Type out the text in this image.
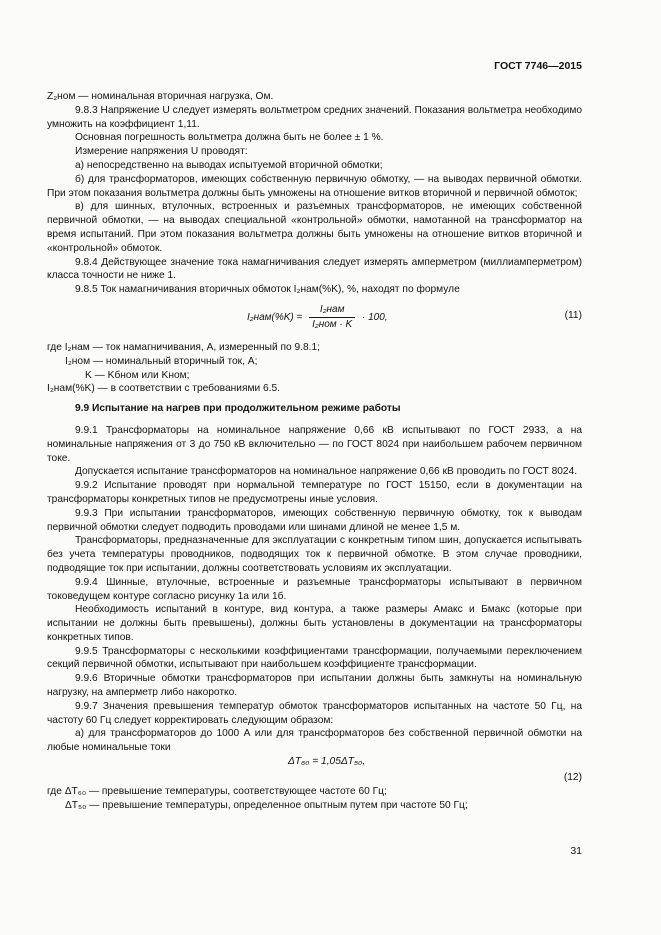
ГОСТ 7746—2015

Z₂ном — номинальная вторичная нагрузка, Ом.

9.8.3 Напряжение U следует измерять вольтметром средних значений. Показания вольтметра необходимо умножить на коэффициент 1,11.

Основная погрешность вольтметра должна быть не более ± 1 %.

Измерение напряжения U проводят:

а) непосредственно на выводах испытуемой вторичной обмотки;

б) для трансформаторов, имеющих собственную первичную обмотку, — на выводах первичной обмотки. При этом показания вольтметра должны быть умножены на отношение витков вторичной и первичной обмоток;

в) для шинных, втулочных, встроенных и разъемных трансформаторов, не имеющих собственной первичной обмотки, — на выводах специальной «контрольной» обмотки, намотанной на трансформатор на время испытаний. При этом показания вольтметра должны быть умножены на отношение витков вторичной и «контрольной» обмоток.

9.8.4 Действующее значение тока намагничивания следует измерять амперметром (миллиамперметром) класса точности не ниже 1.

9.8.5 Ток намагничивания вторичных обмоток I₂нам(%K), %, находят по формуле

$I_2нам(\%K) = \frac{\text{I₂нам}}{\text{I₂ном · K}} \cdot 100$,	(11)

где I₂нам — ток намагничивания, А, измеренный по 9.8.1;

I₂ном — номинальный вторичный ток, А;

K — Kбном или Kном;

I₂нам(%K) — в соответствии с требованиями 6.5.

9.9 Испытание на нагрев при продолжительном режиме работы

9.9.1 Трансформаторы на номинальное напряжение 0,66 кВ испытывают по ГОСТ 2933, а на номинальные напряжения от 3 до 750 кВ включительно — по ГОСТ 8024 при наибольшем рабочем первичном токе.

Допускается испытание трансформаторов на номинальное напряжение 0,66 кВ проводить по ГОСТ 8024.

9.9.2 Испытание проводят при нормальной температуре по ГОСТ 15150, если в документации на трансформаторы конкретных типов не предусмотрены иные условия.

9.9.3 При испытании трансформаторов, имеющих собственную первичную обмотку, ток к выводам первичной обмотки следует подводить проводами или шинами длиной не менее 1,5 м.

Трансформаторы, предназначенные для эксплуатации с конкретным типом шин, допускается испытывать без учета температуры проводников, подводящих ток к первичной обмотке. В этом случае проводники, подводящие ток при испытании, должны соответствовать условиям их эксплуатации.

9.9.4 Шинные, втулочные, встроенные и разъемные трансформаторы испытывают в первичном токоведущем контуре согласно рисунку 1а или 1б.

Необходимость испытаний в контуре, вид контура, а также размеры Aмакс и Бмакс (которые при испытании не должны быть превышены), должны быть установлены в документации на трансформаторы конкретных типов.

9.9.5 Трансформаторы с несколькими коэффициентами трансформации, получаемыми переключением секций первичной обмотки, испытывают при наибольшем коэффициенте трансформации.

9.9.6 Вторичные обмотки трансформаторов при испытании должны быть замкнуты на номинальную нагрузку, на амперметр либо накоротко.

9.9.7 Значения превышения температур обмоток трансформаторов испытанных на частоте 50 Гц, на частоту 60 Гц следует корректировать следующим образом:

а) для трансформаторов до 1000 А или для трансформаторов без собственной первичной обмотки на любые номинальные токи

ΔT₆₀ = 1,05ΔT₅₀,
(12)

где ΔT₆₀ — превышение температуры, соответствующее частоте 60 Гц;

ΔT₅₀ — превышение температуры, определенное опытным путем при частоте 50 Гц;

31
